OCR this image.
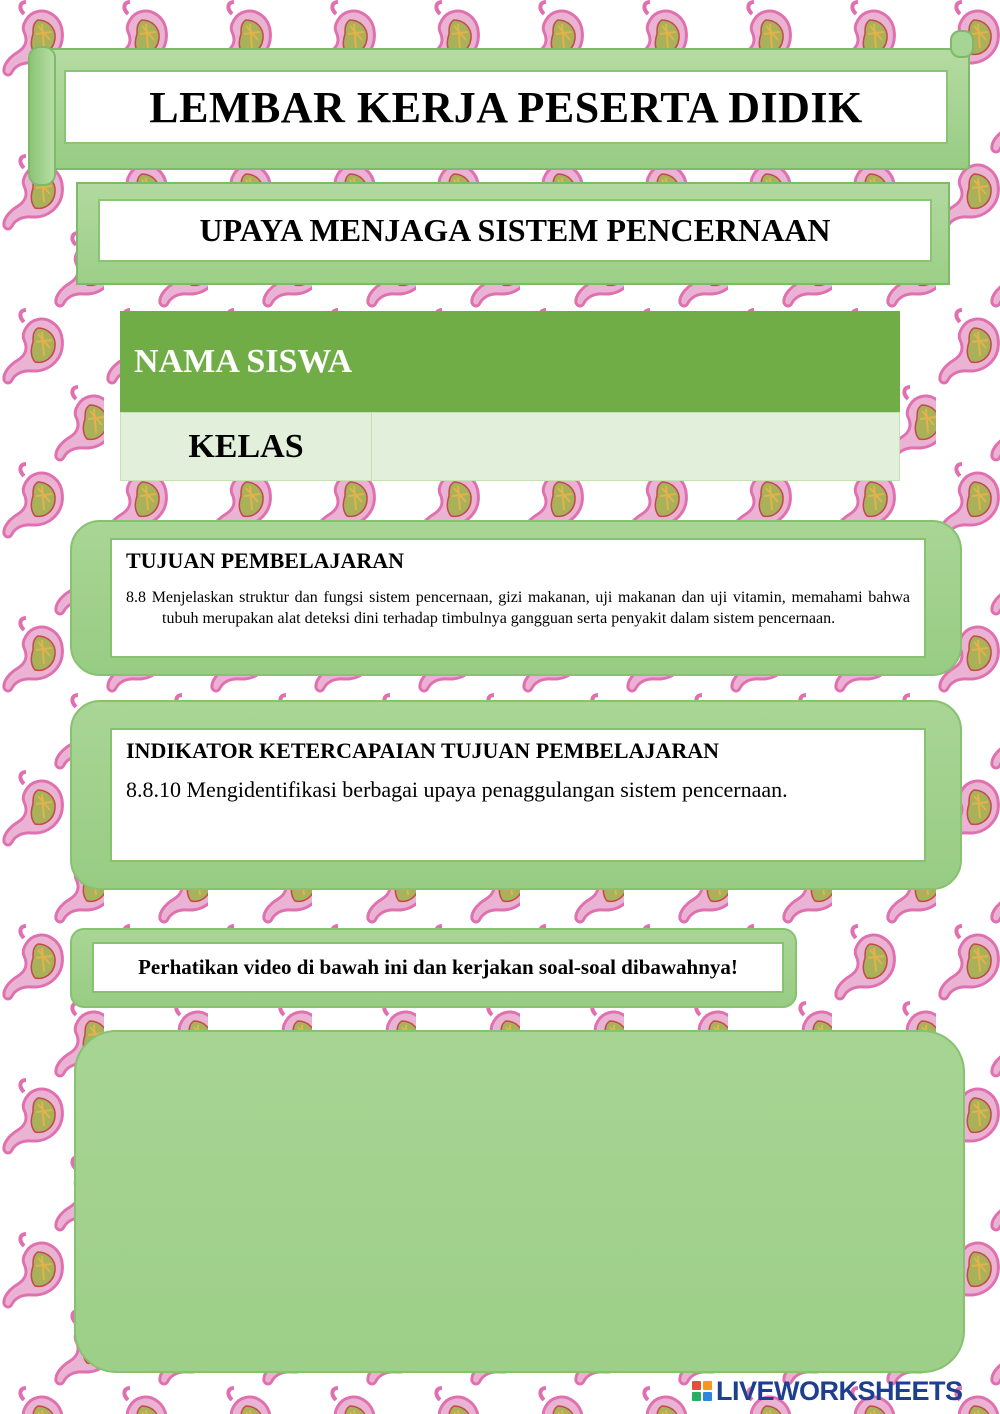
LEMBAR KERJA PESERTA DIDIK
UPAYA MENJAGA SISTEM PENCERNAAN
NAMA SISWA
KELAS
TUJUAN PEMBELAJARAN
8.8 Menjelaskan struktur dan fungsi sistem pencernaan, gizi makanan, uji makanan dan uji vitamin, memahami bahwa tubuh merupakan alat deteksi dini terhadap timbulnya gangguan serta penyakit dalam sistem pencernaan.
INDIKATOR KETERCAPAIAN TUJUAN PEMBELAJARAN
8.8.10 Mengidentifikasi berbagai upaya penaggulangan sistem pencernaan.
Perhatikan video di bawah ini dan kerjakan soal-soal dibawahnya!
LIVEWORKSHEETS
